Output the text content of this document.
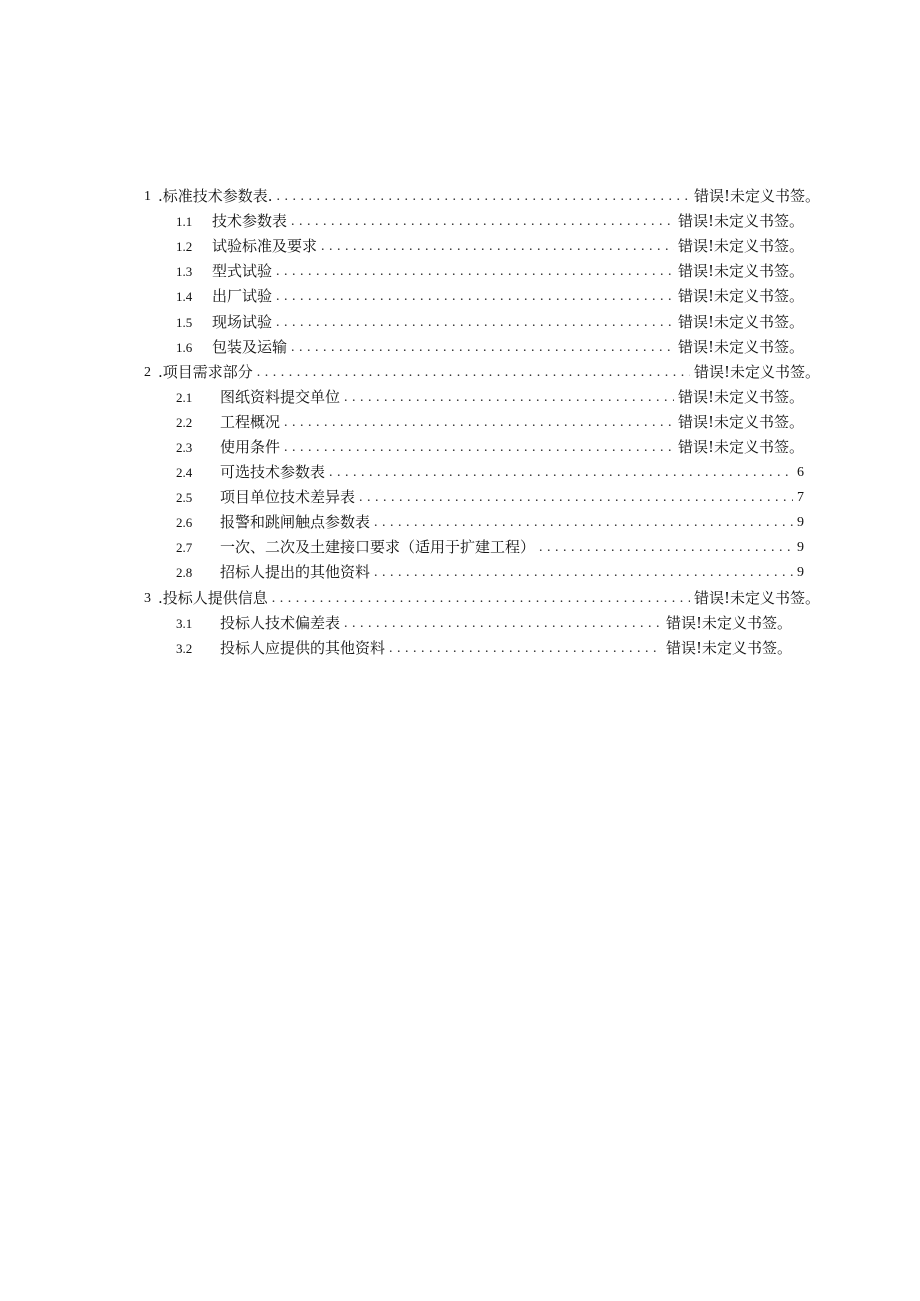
1 .标准技术参数表. . . .	错误!未定义书签。
1.1	技术参数表 . . .	错误!未定义书签。
1.2	试验标准及要求 . . .	错误!未定义书签。
1.3	型式试验 . . .	错误!未定义书签。
1.4	出厂试验 . . .	错误!未定义书签。
1.5	现场试验 . . .	错误!未定义书签。
1.6	包装及运输 . . .	错误!未定义书签。
2 .项目需求部分 . . .	错误!未定义书签。
2.1	图纸资料提交单位 . . .	错误!未定义书签。
2.2	工程概况 . . .	错误!未定义书签。
2.3	使用条件 . . .	错误!未定义书签。
2.4	可选技术参数表 . . .	6
2.5	项目单位技术差异表 . . .	7
2.6	报警和跳闸触点参数表 . . .	9
2.7	一次、二次及土建接口要求（适用于扩建工程） . . .	9
2.8	招标人提出的其他资料 . . .	9
3 .投标人提供信息 . . .	错误!未定义书签。
3.1	投标人技术偏差表 . . .	错误!未定义书签。
3.2	投标人应提供的其他资料 . . .	错误!未定义书签。
